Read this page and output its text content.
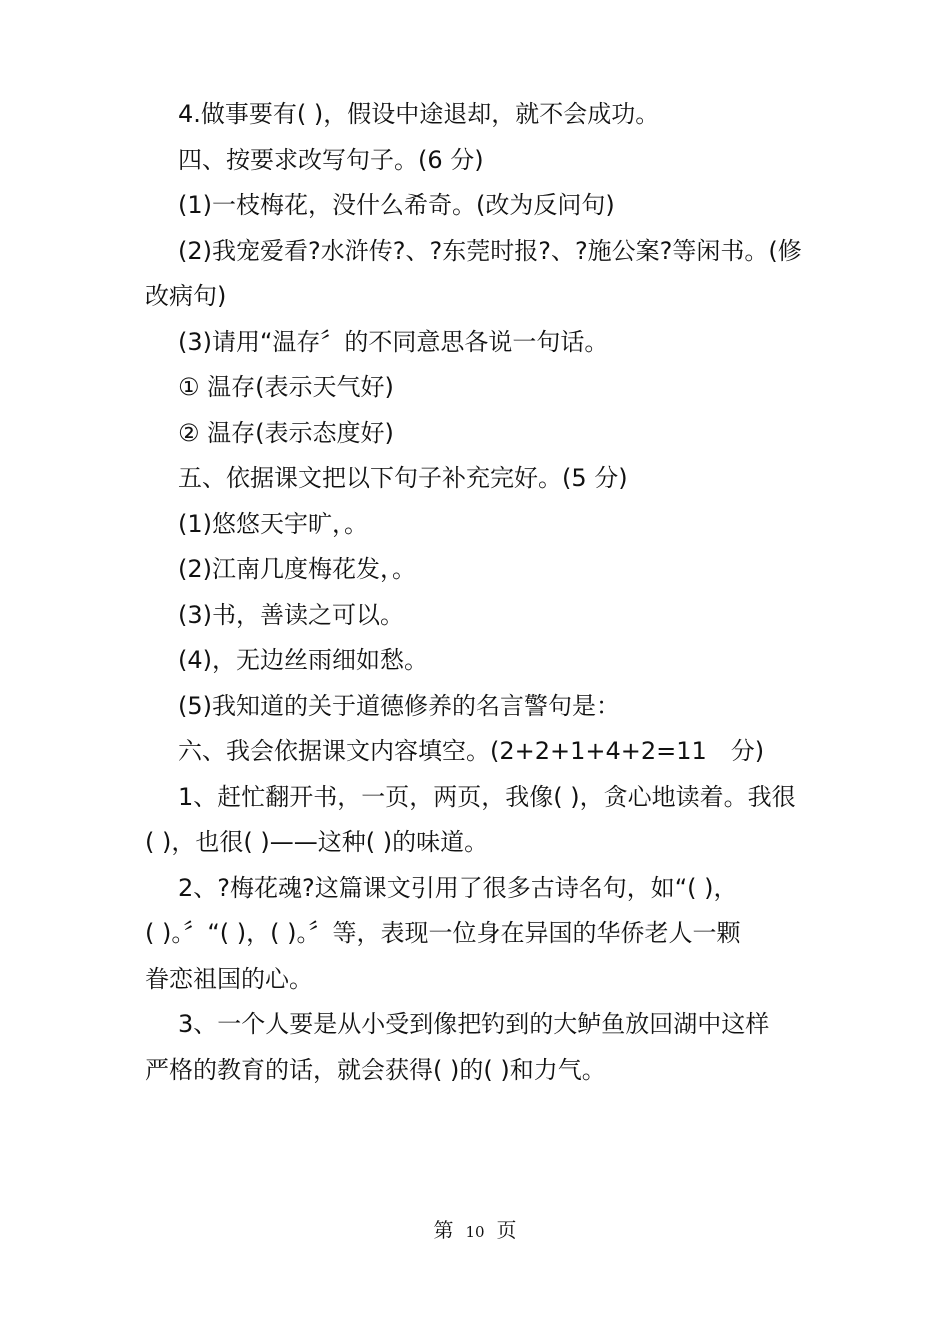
4.做事要有( )，假设中途退却，就不会成功。

四、按要求改写句子。(6 分)

(1)一枝梅花，没什么希奇。(改为反问句)

(2)我宠爱看?水浒传?、?东莞时报?、?施公案?等闲书。(修

改病句)

(3)请用“温存〞的不同意思各说一句话。

① 温存(表示天气好)

② 温存(表示态度好)

五、依据课文把以下句子补充完好。(5 分)

(1)悠悠天宇旷，。

(2)江南几度梅花发，。

(3)书，善读之可以。

(4)，无边丝雨细如愁。

(5)我知道的关于道德修养的名言警句是：

六、我会依据课文内容填空。(2+2+1+4+2=11　分)

1、赶忙翻开书，一页，两页，我像( )，贪心地读着。我很

( )，也很( )——这种( )的味道。

2、?梅花魂?这篇课文引用了很多古诗名句，如“( )，

( )。〞“( )，( )。〞等，表现一位身在异国的华侨老人一颗

眷恋祖国的心。

3、一个人要是从小受到像把钓到的大鲈鱼放回湖中这样

严格的教育的话，就会获得( )的( )和力气。

第 10 页
